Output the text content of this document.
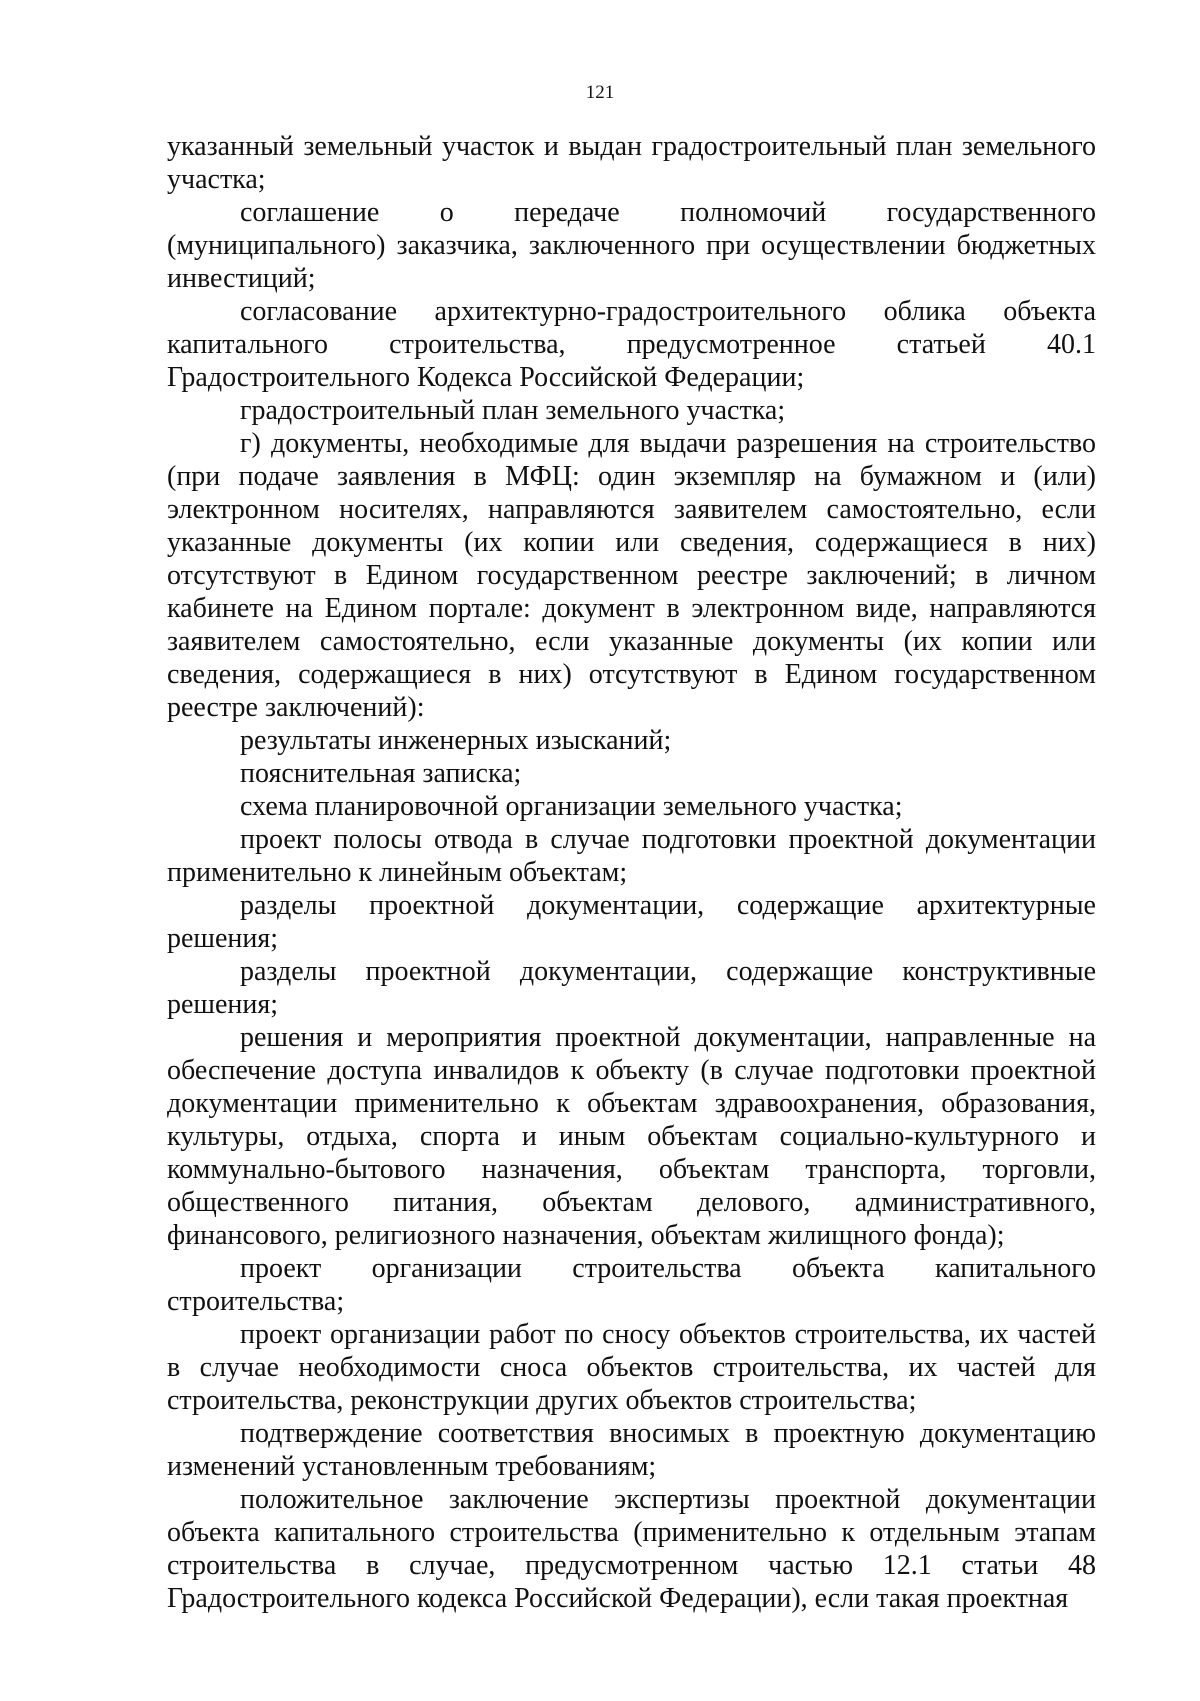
121

указанный земельный участок и выдан градостроительный план земельного участка;

соглашение о передаче полномочий государственного (муниципального) заказчика, заключенного при осуществлении бюджетных инвестиций;

согласование архитектурно-градостроительного облика объекта капитального строительства, предусмотренное статьей 40.1 Градостроительного Кодекса Российской Федерации;

градостроительный план земельного участка;

г) документы, необходимые для выдачи разрешения на строительство (при подаче заявления в МФЦ: один экземпляр на бумажном и (или) электронном носителях, направляются заявителем самостоятельно, если указанные документы (их копии или сведения, содержащиеся в них) отсутствуют в Едином государственном реестре заключений; в личном кабинете на Едином портале: документ в электронном виде, направляются заявителем самостоятельно, если указанные документы (их копии или сведения, содержащиеся в них) отсутствуют в Едином государственном реестре заключений):

результаты инженерных изысканий;

пояснительная записка;

схема планировочной организации земельного участка;

проект полосы отвода в случае подготовки проектной документации применительно к линейным объектам;

разделы проектной документации, содержащие архитектурные решения;

разделы проектной документации, содержащие конструктивные решения;

решения и мероприятия проектной документации, направленные на обеспечение доступа инвалидов к объекту (в случае подготовки проектной документации применительно к объектам здравоохранения, образования, культуры, отдыха, спорта и иным объектам социально-культурного и коммунально-бытового назначения, объектам транспорта, торговли, общественного питания, объектам делового, административного, финансового, религиозного назначения, объектам жилищного фонда);

проект организации строительства объекта капитального строительства;

проект организации работ по сносу объектов строительства, их частей в случае необходимости сноса объектов строительства, их частей для строительства, реконструкции других объектов строительства;

подтверждение соответствия вносимых в проектную документацию изменений установленным требованиям;

положительное заключение экспертизы проектной документации объекта капитального строительства (применительно к отдельным этапам строительства в случае, предусмотренном частью 12.1 статьи 48 Градостроительного кодекса Российской Федерации), если такая проектная
